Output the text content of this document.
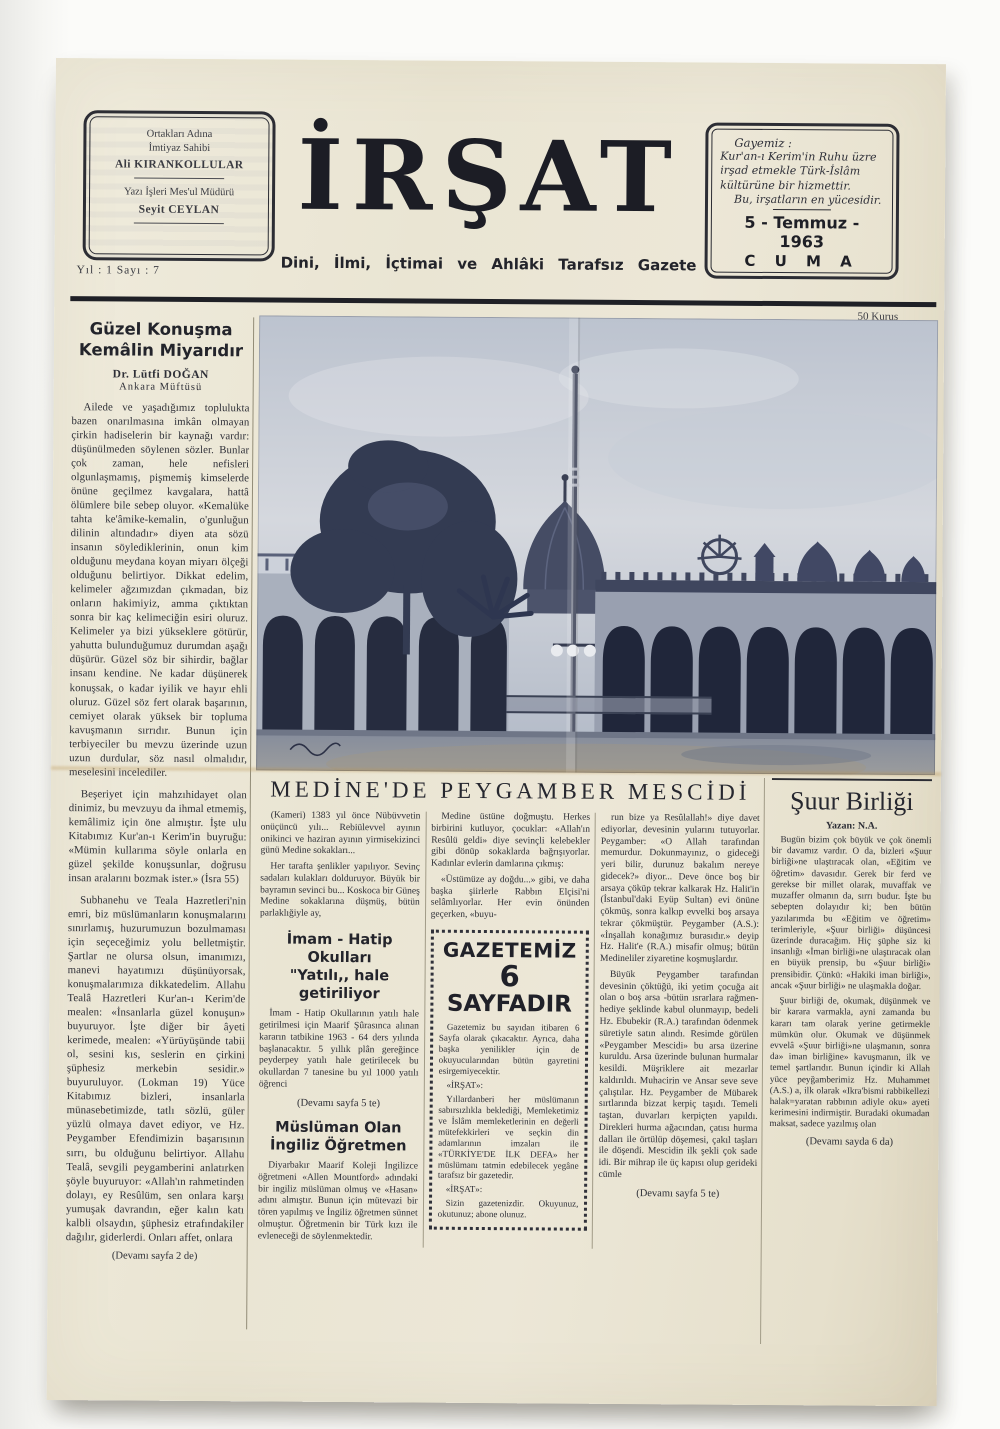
Ortakları Adına
İmtiyaz Sahibi
Ali KIRANKOLLULAR
Yazı İşleri Mes'ul Müdürü
Seyit CEYLAN
Yıl : 1 Sayı : 7
İRŞAT
Dini, İlmi, İçtimai ve Ahlâki Tarafsız Gazete
Gayemiz :
Kur'an-ı Kerim'in Ruhu üzre irşad etmekle Türk-İslâm kültürüne bir hizmettir.
Bu, irşatların en yücesidir.
5 - Temmuz - 1963
C U M A
50 Kuruş
Güzel Konuşma
Kemâlin Miyarıdır
Dr. Lütfi DOĞAN
Ankara Müftüsü

Ailede ve yaşadığımız toplulukta bazen onarılmasına imkân olmayan çirkin hadiselerin bir kaynağı vardır: düşünülmeden söylenen sözler. Bunlar çok zaman, hele nefisleri olgunlaşmamış, pişmemiş kimselerde önüne geçilmez kavgalara, hattâ ölümlere bile sebep oluyor. «Kemalüke tahta ke'âmike-kemalin, o'gunluğun dilinin altındadır» diyen ata sözü insanın söylediklerinin, onun kim olduğunu meydana koyan miyarı ölçeği olduğunu belirtiyor. Dikkat edelim, kelimeler ağzımızdan çıkmadan, biz onların hakimiyiz, amma çıktıktan sonra bir kaç kelimeciğin esiri oluruz. Kelimeler ya bizi yükseklere götürür, yahutta bulunduğumuz durumdan aşağı düşürür. Güzel söz bir sihirdir, bağlar insanı kendine. Ne kadar düşünerek konuşsak, o kadar iyilik ve hayır ehli oluruz. Güzel söz fert olarak başarının, cemiyet olarak yüksek bir topluma kavuşmanın sırrıdır. Bunun için terbiyeciler bu mevzu üzerinde uzun uzun durdular, söz nasıl olmalıdır, meselesini incelediler.

Beşeriyet için mahzıhidayet olan dinimiz, bu mevzuyu da ihmal etmemiş, kemâlimiz için öne almıştır. İşte ulu Kitabımız Kur'an-ı Kerim'in buyruğu: «Mümin kullarıma söyle onlarla en güzel şekilde konuşsunlar, doğrusu insan aralarını bozmak ister.» (İsra 55)

Subhanehu ve Teala Hazretleri'nin emri, biz müslümanların konuşmalarını sınırlamış, huzurumuzun bozulmaması için seçeceğimiz yolu belletmiştir. Şartlar ne olursa olsun, imanımızı, manevi hayatımızı düşünüyorsak, konuşmalarımıza dikkatedelim. Allahu Tealâ Hazretleri Kur'an-ı Kerim'de mealen: «İnsanlarla güzel konuşun» buyuruyor. İşte diğer bir âyeti kerimede, mealen: «Yürüyüşünde tabii ol, sesini kıs, seslerin en çirkini şüphesiz merkebin sesidir.» buyuruluyor. (Lokman 19) Yüce Kitabımız bizleri, insanlarla münasebetimizde, tatlı sözlü, güler yüzlü olmaya davet ediyor, ve Hz. Peygamber Efendimizin başarısının sırrı, bu olduğunu belirtiyor. Allahu Tealâ, sevgili peygamberini anlatırken şöyle buyuruyor: «Allah'ın rahmetinden dolayı, ey Resûlüm, sen onlara karşı yumuşak davrandın, eğer kalın katı kalbli olsaydın, şüphesiz etrafındakiler dağılır, giderlerdi. Onları affet, onlara

(Devamı sayfa 2 de)
MEDİNE'DE PEYGAMBER MESCİDİ

(Kameri) 1383 yıl önce Nübüvvetin onüçüncü yılı... Rebiülevvel ayının onikinci ve haziran ayının yirmisekizinci günü Medine sokakları...

Her tarafta şenlikler yapılıyor. Sevinç sadaları kulakları dolduruyor. Büyük bir bayramın sevinci bu... Koskoca bir Güneş Medine sokaklarına düşmüş, bütün parlaklığiyle ay,

İmam - Hatip Okulları
"Yatılı,, hale getiriliyor

İmam - Hatip Okullarının yatılı hale getirilmesi için Maarif Şûrasınca alınan kararın tatbikine 1963 - 64 ders yılında başlanacaktır. 5 yıllık plân gereğince peyderpey yatılı hale getirilecek bu okullardan 7 tanesine bu yıl 1000 yatılı öğrenci

(Devamı sayfa 5 te)
Müslüman Olan
İngiliz Öğretmen

Diyarbakır Maarif Koleji İngilizce öğretmeni «Allen Mountford» adındaki bir ingiliz müslüman olmuş ve «Hasan» adını almıştır. Bunun için mütevazi bir tören yapılmış ve İngiliz öğretmen sünnet olmuştur. Öğretmenin bir Türk kızı ile evleneceği de söylenmektedir.

Medine üstüne doğmuştu. Herkes birbirini kutluyor, çocuklar: «Allah'ın Resûlü geldi» diye sevinçli kelebekler gibi dönüp sokaklarda bağrışıyorlar. Kadınlar evlerin damlarına çıkmış:

«Üstümüze ay doğdu...» gibi, ve daha başka şiirlerle Rabbın Elçisi'ni selâmlıyorlar. Her evin önünden geçerken, «buyu-

GAZETEMİZ
6
SAYFADIR

Gazetemiz bu sayıdan itibaren 6 Sayfa olarak çıkacaktır. Ayrıca, daha başka yenilikler için de okuyucularından bütün gayretini esirgemiyecektir.

«İRŞAT»:

Yıllardanberi her müslümanın sabırsızlıkla beklediği, Memleketimiz ve İslâm memleketlerinin en değerli mütefekkirleri ve seçkin din adamlarının imzaları ile «TÜRKİYE'DE İLK DEFA» her müslümanı tatmin edebilecek yegâne tarafsız bir gazetedir.

«İRŞAT»:

Sizin gazetenizdir. Okuyunuz, okutunuz; abone olunuz.

run bize ya Resûlallah!» diye davet ediyorlar, devesinin yularını tutuyorlar. Peygamber: «O Allah tarafından memurdur. Dokunmayınız, o gideceği yeri bilir, durunuz bakalım nereye gidecek?» diyor... Deve önce boş bir arsaya çöküp tekrar kalkarak Hz. Halit'in (İstanbul'daki Eyüp Sultan) evi önüne çökmüş, sonra kalkıp evvelki boş arsaya tekrar çökmüştür. Peygamber (A.S.): «İnşallah konağımız burasıdır.» deyip Hz. Halit'e (R.A.) misafir olmuş; bütün Medineliler ziyaretine koşmuşlardır.

Büyük Peygamber tarafından devesinin çöktüğü, iki yetim çocuğa ait olan o boş arsa -bütün ısrarlara rağmen-hediye şeklinde kabul olunmayıp, bedeli Hz. Ebubekir (R.A.) tarafından ödenmek süretiyle satın alındı. Resimde görülen «Peygamber Mescidi» bu arsa üzerine kuruldu. Arsa üzerinde bulunan hurmalar kesildi. Müşriklere ait mezarlar kaldırıldı. Muhacirin ve Ansar seve seve çalıştılar. Hz. Peygamber de Mübarek sırtlarında bizzat kerpiç taşıdı. Temeli taştan, duvarları kerpiçten yapıldı. Direkleri hurma ağacından, çatısı hurma dalları ile örtülüp döşemesi, çakıl taşları ile döşendi. Mescidin ilk şekli çok sade idi. Bir mihrap ile üç kapısı olup gerideki cümle

(Devamı sayfa 5 te)
Şuur Birliği
Yazan: N.A.

Bugün bizim çok büyük ve çok önemli bir davamız vardır. O da, bizleri «Şuur birliği»ne ulaştıracak olan, «Eğitim ve öğretim» davasıdır. Gerek bir ferd ve gerekse bir millet olarak, muvaffak ve muzaffer olmanın da, sırrı budur. İşte bu sebepten dolayıdır ki; ben bütün yazılarımda bu «Eğitim ve öğretim» terimleriyle, «Şuur birliği» düşüncesi üzerinde duracağım. Hiç şüphe siz ki insanlığı «İman birliği»ne ulaştıracak olan en büyük prensip, bu «Şuur birliği» prensibidir. Çünkü: «Hakiki iman birliği», ancak «Şuur birliği» ne ulaşmakla doğar.

Şuur birliği de, okumak, düşünmek ve bir karara varmakla, ayni zamanda bu kararı tam olarak yerine getirmekle mümkün olur. Okumak ve düşünmek evvelâ «Şuur birliği»ne ulaşmanın, sonra da» iman birliğine» kavuşmanın, ilk ve temel şartlarıdır. Bunun içindir ki Allah yüce peyğamberimiz Hz. Muhammet (A.S.) a, ilk olarak «Ikra'bismi rabbikellezi halak=yaratan rabbının adiyle oku» ayeti kerimesini indirmiştir. Buradaki okumadan maksat, sadece yazılmış olan

(Devamı sayda 6 da)
